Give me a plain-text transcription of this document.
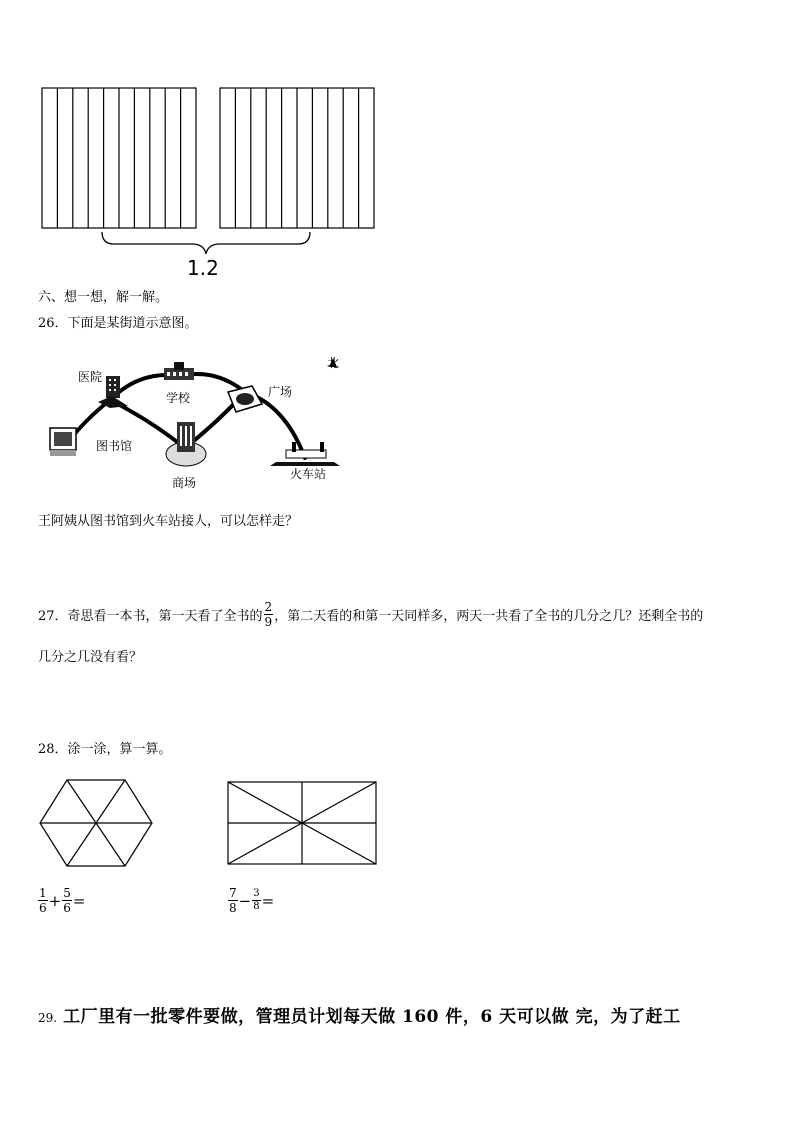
1.2
六、想一想，解一解。
26．下面是某街道示意图。
北
医院
学校	广场
图书馆
商场
火车站
王阿姨从图书馆到火车站接人，可以怎样走？
27．奇思看一本书，第一天看了全书的 $\frac{2}{9}$ ，第二天看的和第一天同样多，两天一共看了全书的几分之几？还剩全书的
几分之几没有看？
28．涂一涂，算一算。
$\frac{1}{6} + \frac{5}{6}$ =	$\frac{7}{8} - \frac{3}{8}$ =
29. 工厂里有一批零件要做，管理员计划每天做 160 件，6 天可以做 完，为了赶工
